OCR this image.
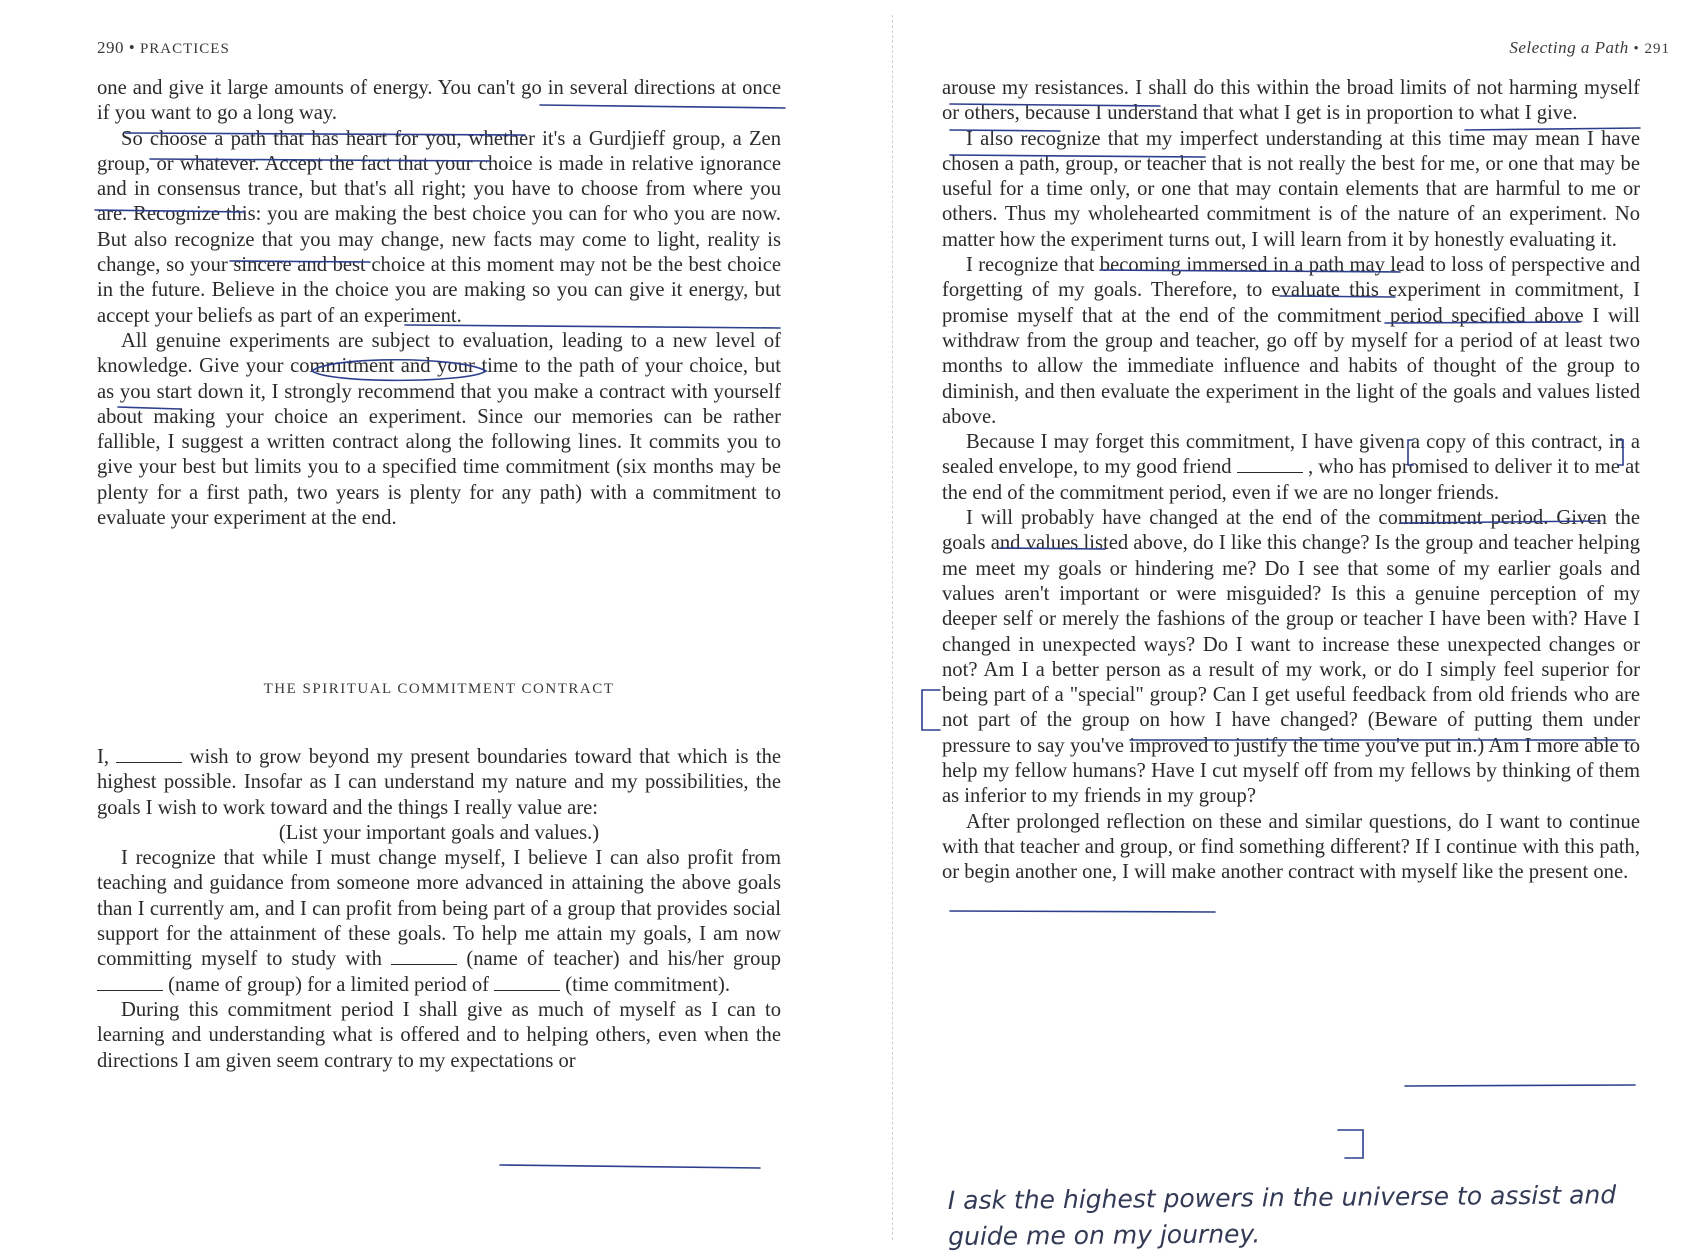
290 • PRACTICES

one and give it large amounts of energy. You can't go in several directions at once if you want to go a long way.

So choose a path that has heart for you, whether it's a Gurdjieff group, a Zen group, or whatever. Accept the fact that your choice is made in relative ignorance and in consensus trance, but that's all right; you have to choose from where you are. Recognize this: you are making the best choice you can for who you are now. But also recognize that you may change, new facts may come to light, reality is change, so your sincere and best choice at this moment may not be the best choice in the future. Believe in the choice you are making so you can give it energy, but accept your beliefs as part of an experiment.

All genuine experiments are subject to evaluation, leading to a new level of knowledge. Give your commitment and your time to the path of your choice, but as you start down it, I strongly recommend that you make a contract with yourself about making your choice an experiment. Since our memories can be rather fallible, I suggest a written contract along the following lines. It commits you to give your best but limits you to a specified time commitment (six months may be plenty for a first path, two years is plenty for any path) with a commitment to evaluate your experiment at the end.

THE SPIRITUAL COMMITMENT CONTRACT

I,	wish to grow beyond my present boundaries toward that which is the highest possible. Insofar as I can understand my nature and my possibilities, the goals I wish to work toward and the things I really value are:

(List your important goals and values.)

I recognize that while I must change myself, I believe I can also profit from teaching and guidance from someone more advanced in attaining the above goals than I currently am, and I can profit from being part of a group that provides social support for the attainment of these goals. To help me attain my goals, I am now committing myself to study with	(name of teacher) and his/her group  (name of group) for a limited period of	(time commitment).

During this commitment period I shall give as much of myself as I can to learning and understanding what is offered and to helping others, even when the directions I am given seem contrary to my expectations or

Selecting a Path • 291

arouse my resistances. I shall do this within the broad limits of not harming myself or others, because I understand that what I get is in proportion to what I give.

I also recognize that my imperfect understanding at this time may mean I have chosen a path, group, or teacher that is not really the best for me, or one that may be useful for a time only, or one that may contain elements that are harmful to me or others. Thus my wholehearted commitment is of the nature of an experiment. No matter how the experiment turns out, I will learn from it by honestly evaluating it.

I recognize that becoming immersed in a path may lead to loss of perspective and forgetting of my goals. Therefore, to evaluate this experiment in commitment, I promise myself that at the end of the commitment period specified above I will withdraw from the group and teacher, go off by myself for a period of at least two months to allow the immediate influence and habits of thought of the group to diminish, and then evaluate the experiment in the light of the goals and values listed above.

Because I may forget this commitment, I have given a copy of this contract, in a sealed envelope, to my good friend	, who has promised to deliver it to me at the end of the commitment period, even if we are no longer friends.

I will probably have changed at the end of the commitment period. Given the goals and values listed above, do I like this change? Is the group and teacher helping me meet my goals or hindering me? Do I see that some of my earlier goals and values aren't important or were misguided? Is this a genuine perception of my deeper self or merely the fashions of the group or teacher I have been with? Have I changed in unexpected ways? Do I want to increase these unexpected changes or not? Am I a better person as a result of my work, or do I simply feel superior for being part of a "special" group? Can I get useful feedback from old friends who are not part of the group on how I have changed? (Beware of putting them under pressure to say you've improved to justify the time you've put in.) Am I more able to help my fellow humans? Have I cut myself off from my fellows by thinking of them as inferior to my friends in my group?

After prolonged reflection on these and similar questions, do I want to continue with that teacher and group, or find something different? If I continue with this path, or begin another one, I will make another contract with myself like the present one.

I ask the highest powers in the universe to assist and guide me on my journey.
